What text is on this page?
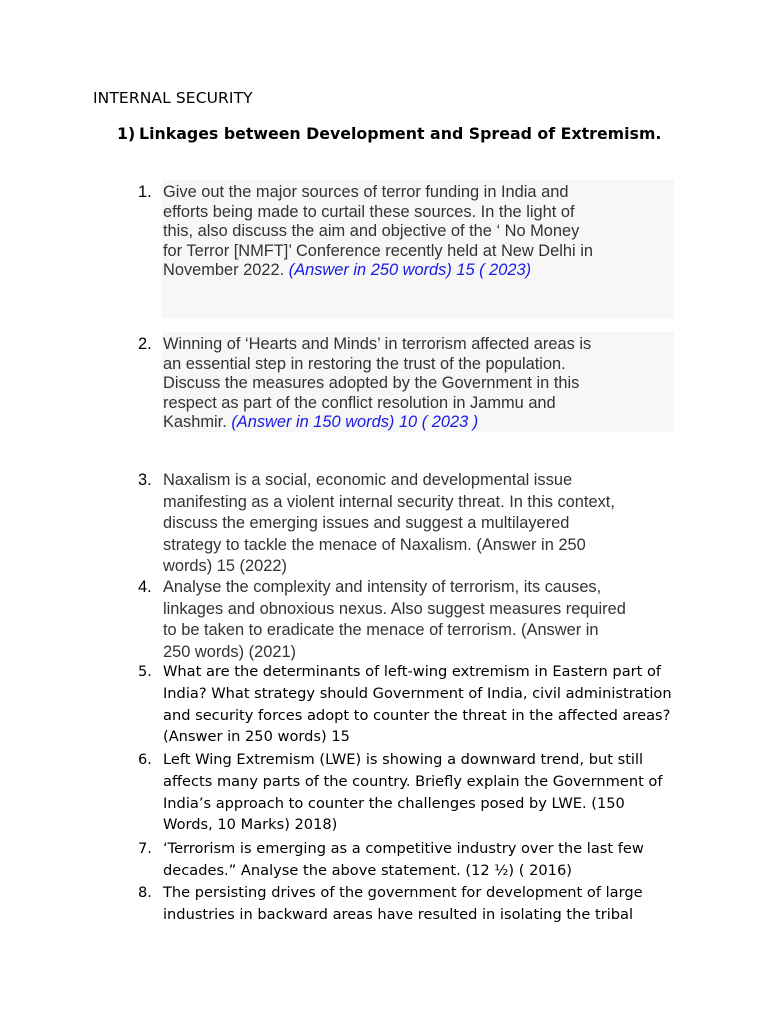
INTERNAL SECURITY
1) Linkages between Development and Spread of Extremism.
1. Give out the major sources of terror funding in India and
efforts being made to curtail these sources. In the light of
this, also discuss the aim and objective of the ‘ No Money
for Terror [NMFT]’ Conference recently held at New Delhi in
November 2022. (Answer in 250 words) 15 ( 2023)
2. Winning of ‘Hearts and Minds’ in terrorism affected areas is
an essential step in restoring the trust of the population.
Discuss the measures adopted by the Government in this
respect as part of the conflict resolution in Jammu and
Kashmir. (Answer in 150 words) 10 ( 2023 )
3. Naxalism is a social, economic and developmental issue
manifesting as a violent internal security threat. In this context,
discuss the emerging issues and suggest a multilayered
strategy to tackle the menace of Naxalism. (Answer in 250
words) 15 (2022)
4. Analyse the complexity and intensity of terrorism, its causes,
linkages and obnoxious nexus. Also suggest measures required
to be taken to eradicate the menace of terrorism. (Answer in
250 words) (2021)
5. What are the determinants of left-wing extremism in Eastern part of
India? What strategy should Government of India, civil administration
and security forces adopt to counter the threat in the affected areas?
(Answer in 250 words) 15
6. Left Wing Extremism (LWE) is showing a downward trend, but still
affects many parts of the country. Briefly explain the Government of
India’s approach to counter the challenges posed by LWE. (150
Words, 10 Marks) 2018)
7. ‘Terrorism is emerging as a competitive industry over the last few
decades.” Analyse the above statement. (12 ½) ( 2016)
8. The persisting drives of the government for development of large
industries in backward areas have resulted in isolating the tribal
